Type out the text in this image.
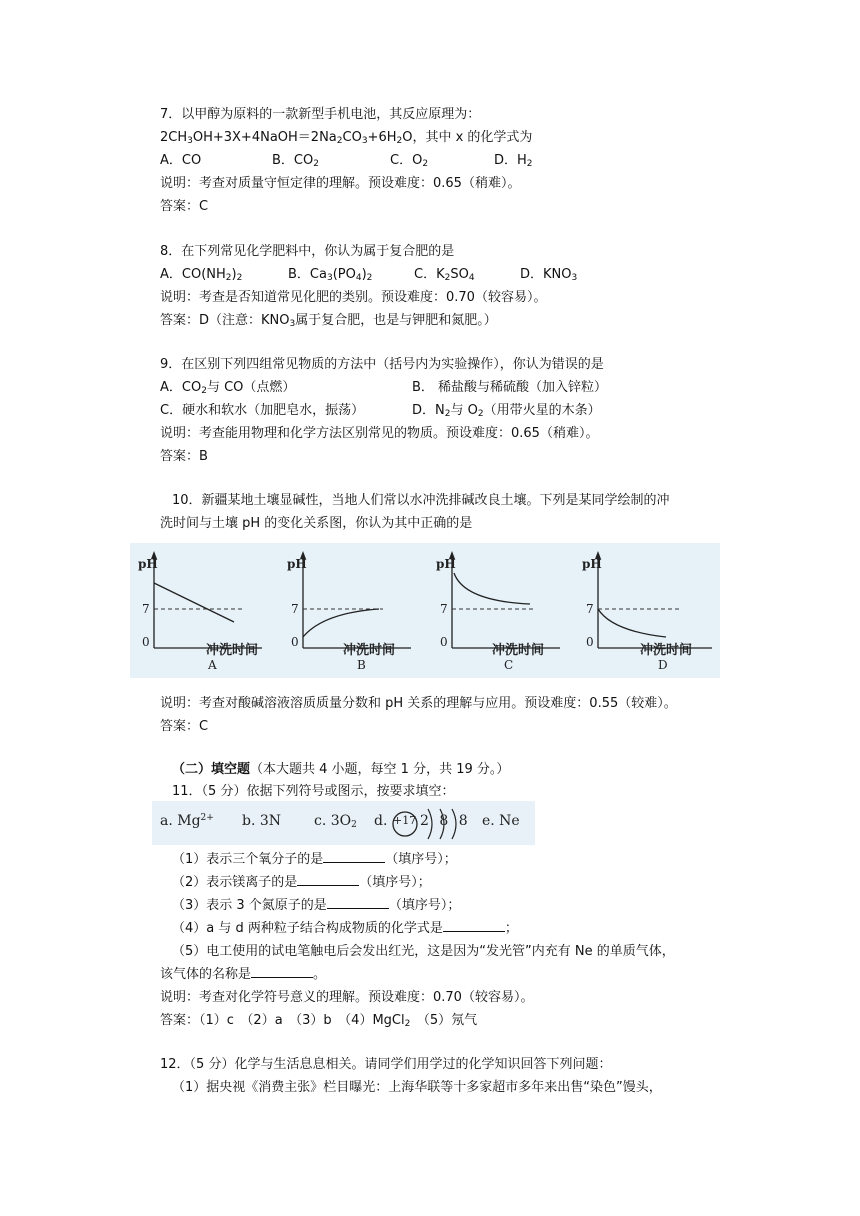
7．以甲醇为原料的一款新型手机电池，其反应原理为：
$2CH_3OH+3X+4NaOH=2Na_2CO_3+6H_2O$，其中 x 的化学式为
A．CO	B．$CO_2$	C．$O_2$	D．$H_2$
说明：考查对质量守恒定律的理解。预设难度：0.65（稍难）。
答案：C
8．在下列常见化学肥料中，你认为属于复合肥的是
A．$CO(NH_2)_2$	B．$Ca_3(PO_4)_2$	C．$K_2SO_4$	D．$KNO_3$
说明：考查是否知道常见化肥的类别。预设难度：0.70（较容易）。
答案：D（注意：$KNO_3$属于复合肥，也是与钾肥和氮肥。）
9．在区别下列四组常见物质的方法中（括号内为实验操作），你认为错误的是
A．$CO_2$与 CO（点燃）	B． 稀盐酸与稀硫酸（加入锌粒）
C．硬水和软水（加肥皂水，振荡）	D．$N_2$与 $O_2$（用带火星的木条）
说明：考查能用物理和化学方法区别常见的物质。预设难度：0.65（稍难）。
答案：B
10．新疆某地土壤显碱性，当地人们常以水冲洗排碱改良土壤。下列是某同学绘制的冲
洗时间与土壤 pH 的变化关系图，你认为其中正确的是
pH
7
0
冲洗时间
A
pH
7
0
冲洗时间
B
pH
7
0
冲洗时间
C
pH
7
0
冲洗时间
D
说明：考查对酸碱溶液溶质质量分数和 pH 关系的理解与应用。预设难度：0.55（较难）。
答案：C
（二）填空题（本大题共 4 小题，每空 1 分，共 19 分。）
11．（5 分）依据下列符号或图示，按要求填空：
a. $Mg^{2+}$ b. 3N c. $3O_2$ d. +17 2 8 8 e. Ne
（1）表示三个氧分子的是	（填序号）；
（2）表示镁离子的是	（填序号）；
（3）表示 3 个氮原子的是	（填序号）；
（4）a 与 d 两种粒子结合构成物质的化学式是	；
（5）电工使用的试电笔触电后会发出红光，这是因为“发光管”内充有 Ne 的单质气体，
该气体的名称是	。
说明：考查对化学符号意义的理解。预设难度：0.70（较容易）。
答案：（1）c　（2）a　（3）b　（4）MgCl$_2$　 （5）氖气
12．（5 分）化学与生活息息相关。请同学们用学过的化学知识回答下列问题：
（1）据央视《消费主张》栏目曝光：上海华联等十多家超市多年来出售“染色”馒头，
